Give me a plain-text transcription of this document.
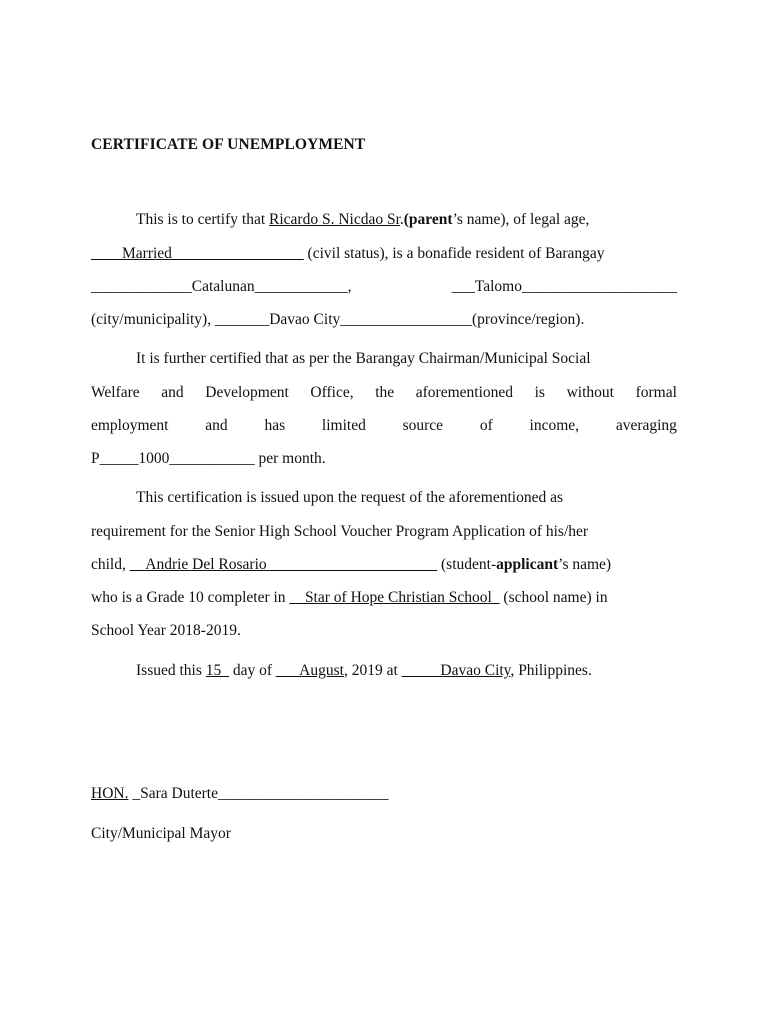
CERTIFICATE OF UNEMPLOYMENT
This is to certify that Ricardo S. Nicdao Sr.(parent’s name), of legal age,
____Married_________________ (civil status), is a bonafide resident of Barangay
_____________Catalunan____________,	___Talomo____________________
(city/municipality), _______Davao City_________________(province/region).
It is further certified that as per the Barangay Chairman/Municipal Social
Welfare and Development Office, the aforementioned is without formal
employment and has limited source of income, averaging
P_____1000___________ per month.
This certification is issued upon the request of the aforementioned as
requirement for the Senior High School Voucher Program Application of his/her
child, __Andrie Del Rosario______________________ (student-applicant’s name)
who is a Grade 10 completer in __Star of Hope Christian School_ (school name) in
School Year 2018-2019.
Issued this 15_ day of ___August, 2019 at _____Davao City, Philippines.
HON. _Sara Duterte______________________
City/Municipal Mayor
